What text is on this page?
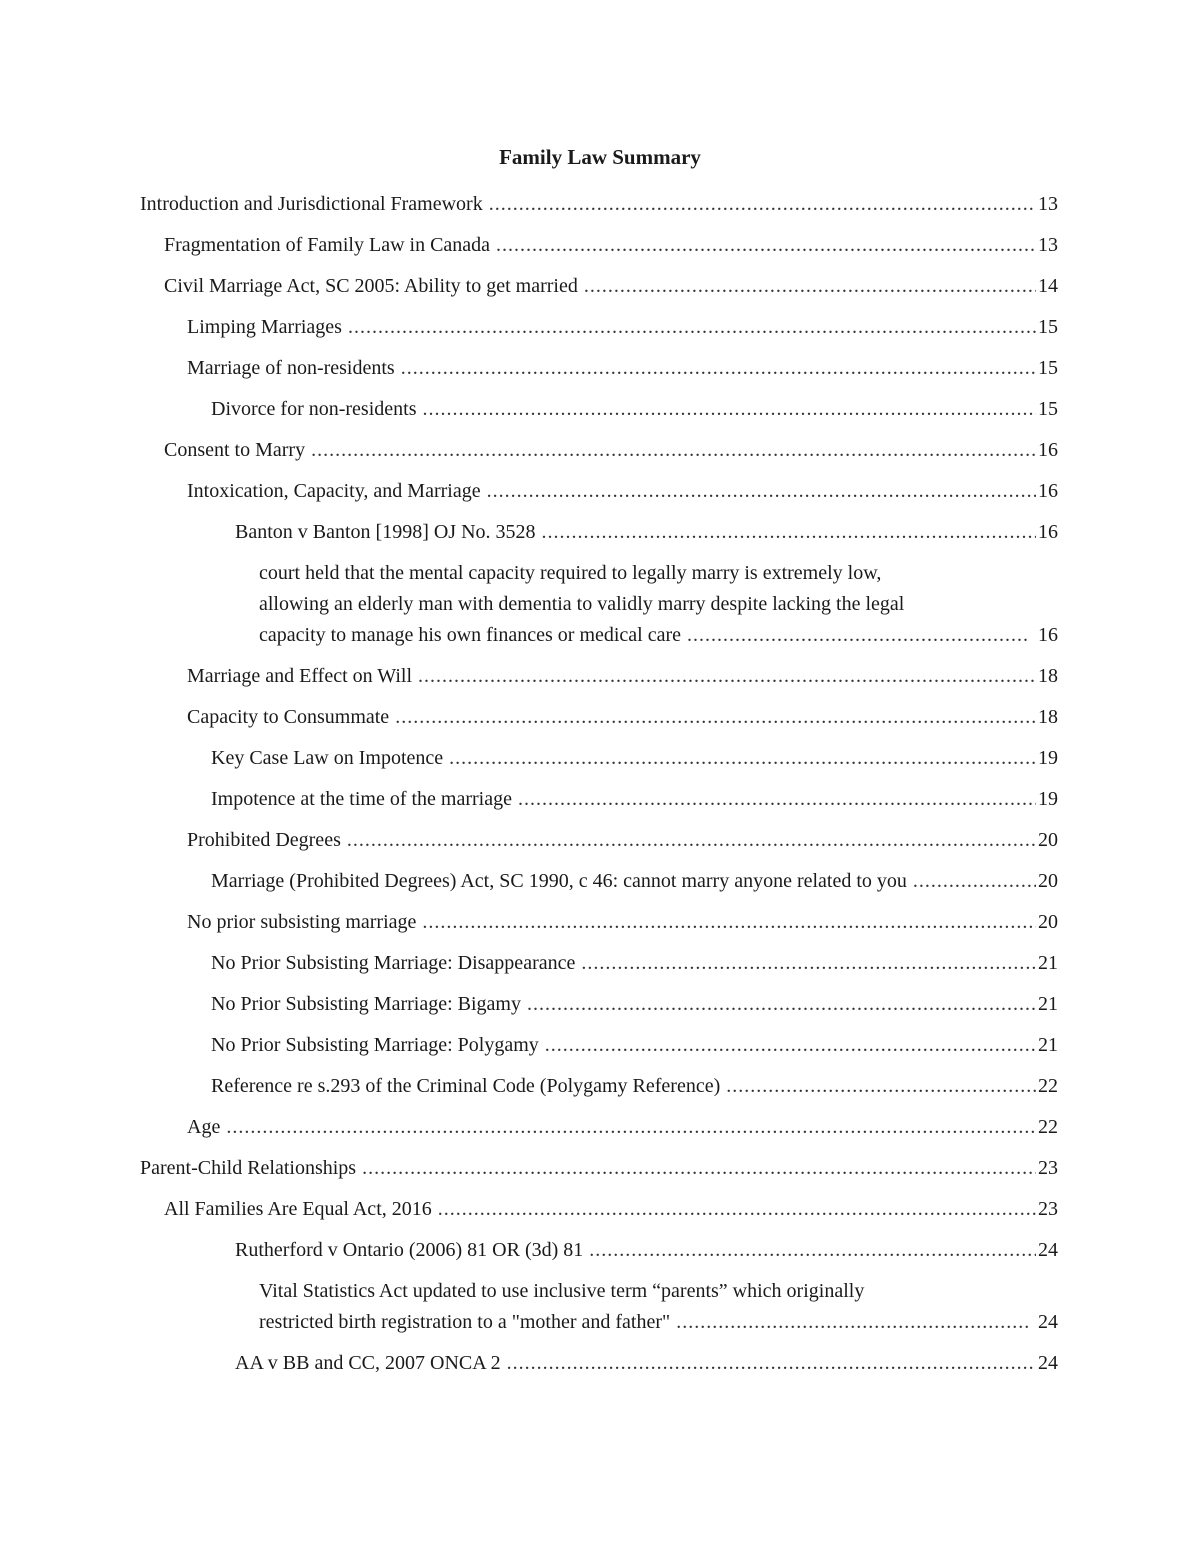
Family Law Summary
Introduction and Jurisdictional Framework .....	13
Fragmentation of Family Law in Canada .....	13
Civil Marriage Act, SC 2005: Ability to get married .....	14
Limping Marriages .....	15
Marriage of non-residents .....	15
Divorce for non-residents .....	15
Consent to Marry .....	16
Intoxication, Capacity, and Marriage .....	16
Banton v Banton [1998] OJ No. 3528 .....	16
court held that the mental capacity required to legally marry is extremely low,
allowing an elderly man with dementia to validly marry despite lacking the legal
capacity to manage his own finances or medical care .....	16
Marriage and Effect on Will .....	18
Capacity to Consummate .....	18
Key Case Law on Impotence .....	19
Impotence at the time of the marriage .....	19
Prohibited Degrees .....	20
Marriage (Prohibited Degrees) Act, SC 1990, c 46: cannot marry anyone related to you .....	20
No prior subsisting marriage .....	20
No Prior Subsisting Marriage: Disappearance .....	21
No Prior Subsisting Marriage: Bigamy .....	21
No Prior Subsisting Marriage: Polygamy .....	21
Reference re s.293 of the Criminal Code (Polygamy Reference) .....	22
Age .....	22
Parent-Child Relationships .....	23
All Families Are Equal Act, 2016 .....	23
Rutherford v Ontario (2006) 81 OR (3d) 81 .....	24
Vital Statistics Act updated to use inclusive term “parents” which originally
restricted birth registration to a "mother and father" .....	24
AA v BB and CC, 2007 ONCA 2 .....	24
